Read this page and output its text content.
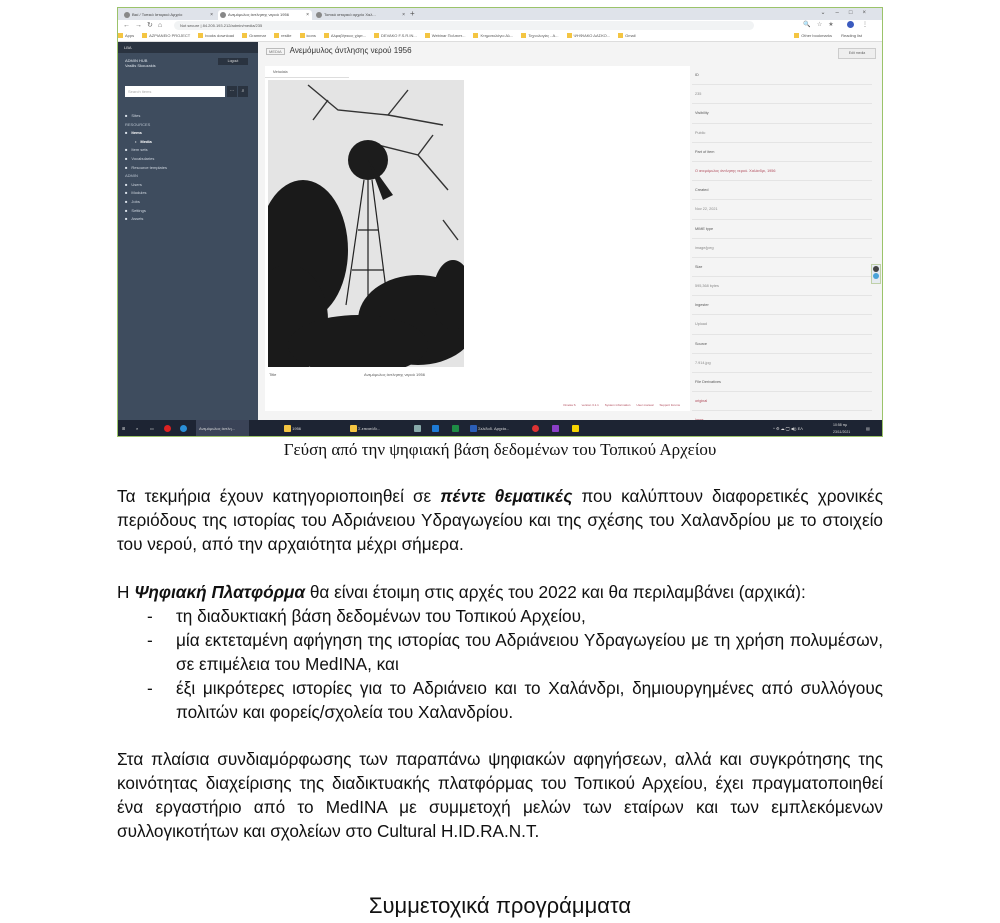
Βικί / Τοπικό Ιστορικό Αρχείο	×	Ανεμόμυλος άντλησης νερού 1956	×	Τοπικό ιστορικό αρχείο Χαλ...	× +	⌄–□×
←→↻⌂	Not secure | 84.205.193.212/admin/media/235	🔍☆★  ⋮
Apps	ΑΖΡΙΑΝΕΙΟ PROJECT	books download	Grammar	resilie	icons	Αλφαβήτικος χάρτ...	DEVAKO F.S.R.IN...	Webinar Πολιτιστ...	Κτηματολόγιο Αλ...	Τεχνολογίες - Α...	ΨΗΦΙΑΚΟ ΔΑΣΚΟ...	Gmail	Other bookmarks Reading list
LBA
ADMIN HUB
Vasilis Skouzakis
Logout
Search items	⋯	⌕
■ Sites
RESOURCES
■ Items
• Media
■ Item sets
■ Vocabularies
■ Resource templates
ADMIN
■ Users
■ Modules
■ Jobs
■ Settings
■ Assets
MEDIA Ανεμόμυλος άντλησης νερού 1956	Edit media
Metadata
Title	Ανεμόμυλος άντλησης νερού 1956
Omeka S version 3.1.1 System information User manual Support forums
ID
235
Visibility
Public
Part of item
Ο ανεμόμυλος άντλησης νερού. Χαλάνδρι, 1956
Created
Nov 22, 2021
MIME type
image/jpeg
Size
595,368 bytes
Ingester
Upload
Source
7.914.jpg
File Derivatives
original
⊞	⌕	▭	Ανεμόμυλος άντλη...	1956	Σ.επεισόδι...	Σελιδοδ. Αρχεία...	^ ⚙ ☁ 🖵 ◀)) ΕΛ
10:58 πμ
23/11/2021
▤
Γεύση από την ψηφιακή βάση δεδομένων του Τοπικού Αρχείου
Τα τεκμήρια έχουν κατηγοριοποιηθεί σε πέντε θεματικές που καλύπτουν διαφορετικές χρονικές περιόδους της ιστορίας του Αδριάνειου Υδραγωγείου και της σχέσης του Χαλανδρίου με το στοιχείο του νερού, από την αρχαιότητα μέχρι σήμερα.
Η Ψηφιακή Πλατφόρμα θα είναι έτοιμη στις αρχές του 2022 και θα περιλαμβάνει (αρχικά):
- τη διαδυκτιακή βάση δεδομένων του Τοπικού Αρχείου,
- μία εκτεταμένη αφήγηση της ιστορίας του Αδριάνειου Υδραγωγείου με τη χρήση πολυμέσων, σε επιμέλεια του MedINA, και
- έξι μικρότερες ιστορίες για το Αδριάνειο και το Χαλάνδρι, δημιουργημένες από συλλόγους πολιτών και φορείς/σχολεία του Χαλανδρίου.
Στα πλαίσια συνδιαμόρφωσης των παραπάνω ψηφιακών αφηγήσεων, αλλά και συγκρότησης της κοινότητας διαχείρισης της διαδικτυακής πλατφόρμας του Τοπικού Αρχείου, έχει πραγματοποιηθεί ένα εργαστήριο από το MedINA με συμμετοχή μελών των εταίρων και των εμπλεκόμενων συλλογικοτήτων και σχολείων στο Cultural H.ID.RA.N.T.
Συμμετοχικά προγράμματα
